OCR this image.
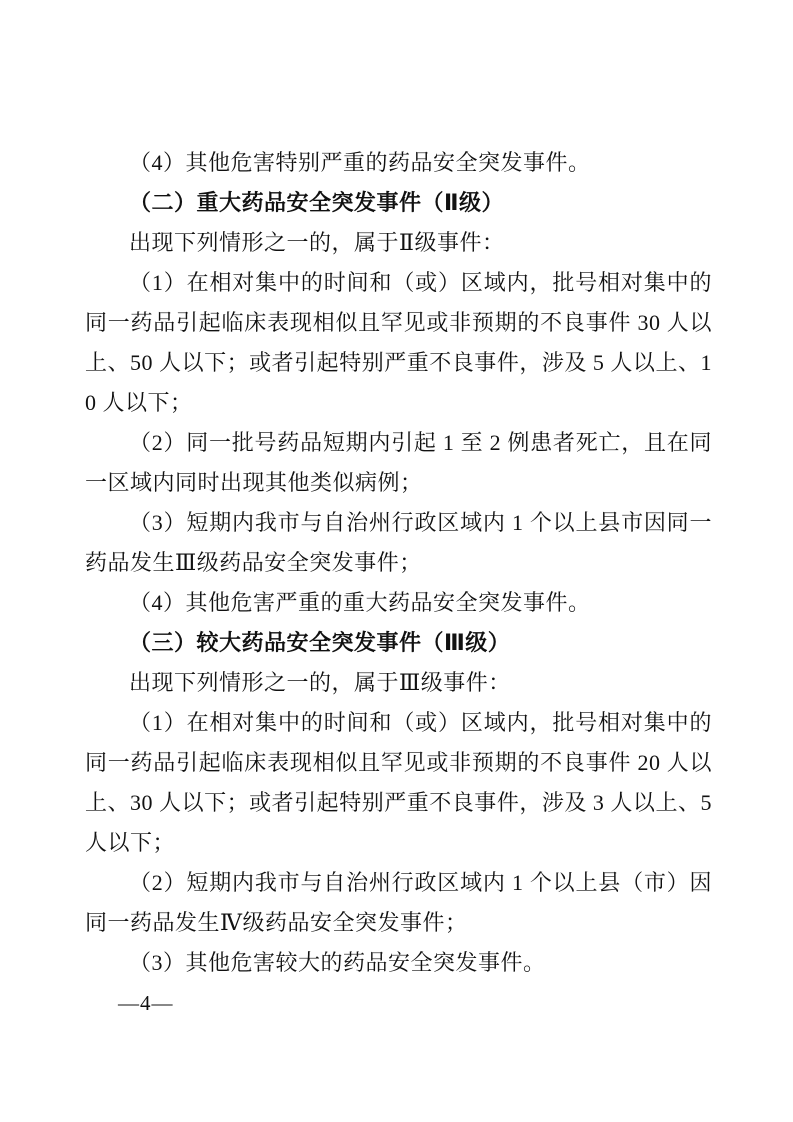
（4）其他危害特别严重的药品安全突发事件。

（二）重大药品安全突发事件（Ⅱ级）

出现下列情形之一的，属于Ⅱ级事件：

（1）在相对集中的时间和（或）区域内，批号相对集中的同一药品引起临床表现相似且罕见或非预期的不良事件 30 人以上、50 人以下；或者引起特别严重不良事件，涉及 5 人以上、10 人以下；

（2）同一批号药品短期内引起 1 至 2 例患者死亡，且在同一区域内同时出现其他类似病例；

（3）短期内我市与自治州行政区域内 1 个以上县市因同一药品发生Ⅲ级药品安全突发事件；

（4）其他危害严重的重大药品安全突发事件。

（三）较大药品安全突发事件（Ⅲ级）

出现下列情形之一的，属于Ⅲ级事件：

（1）在相对集中的时间和（或）区域内，批号相对集中的同一药品引起临床表现相似且罕见或非预期的不良事件 20 人以上、30 人以下；或者引起特别严重不良事件，涉及 3 人以上、5 人以下；

（2）短期内我市与自治州行政区域内 1 个以上县（市）因同一药品发生Ⅳ级药品安全突发事件；

（3）其他危害较大的药品安全突发事件。

—4—
